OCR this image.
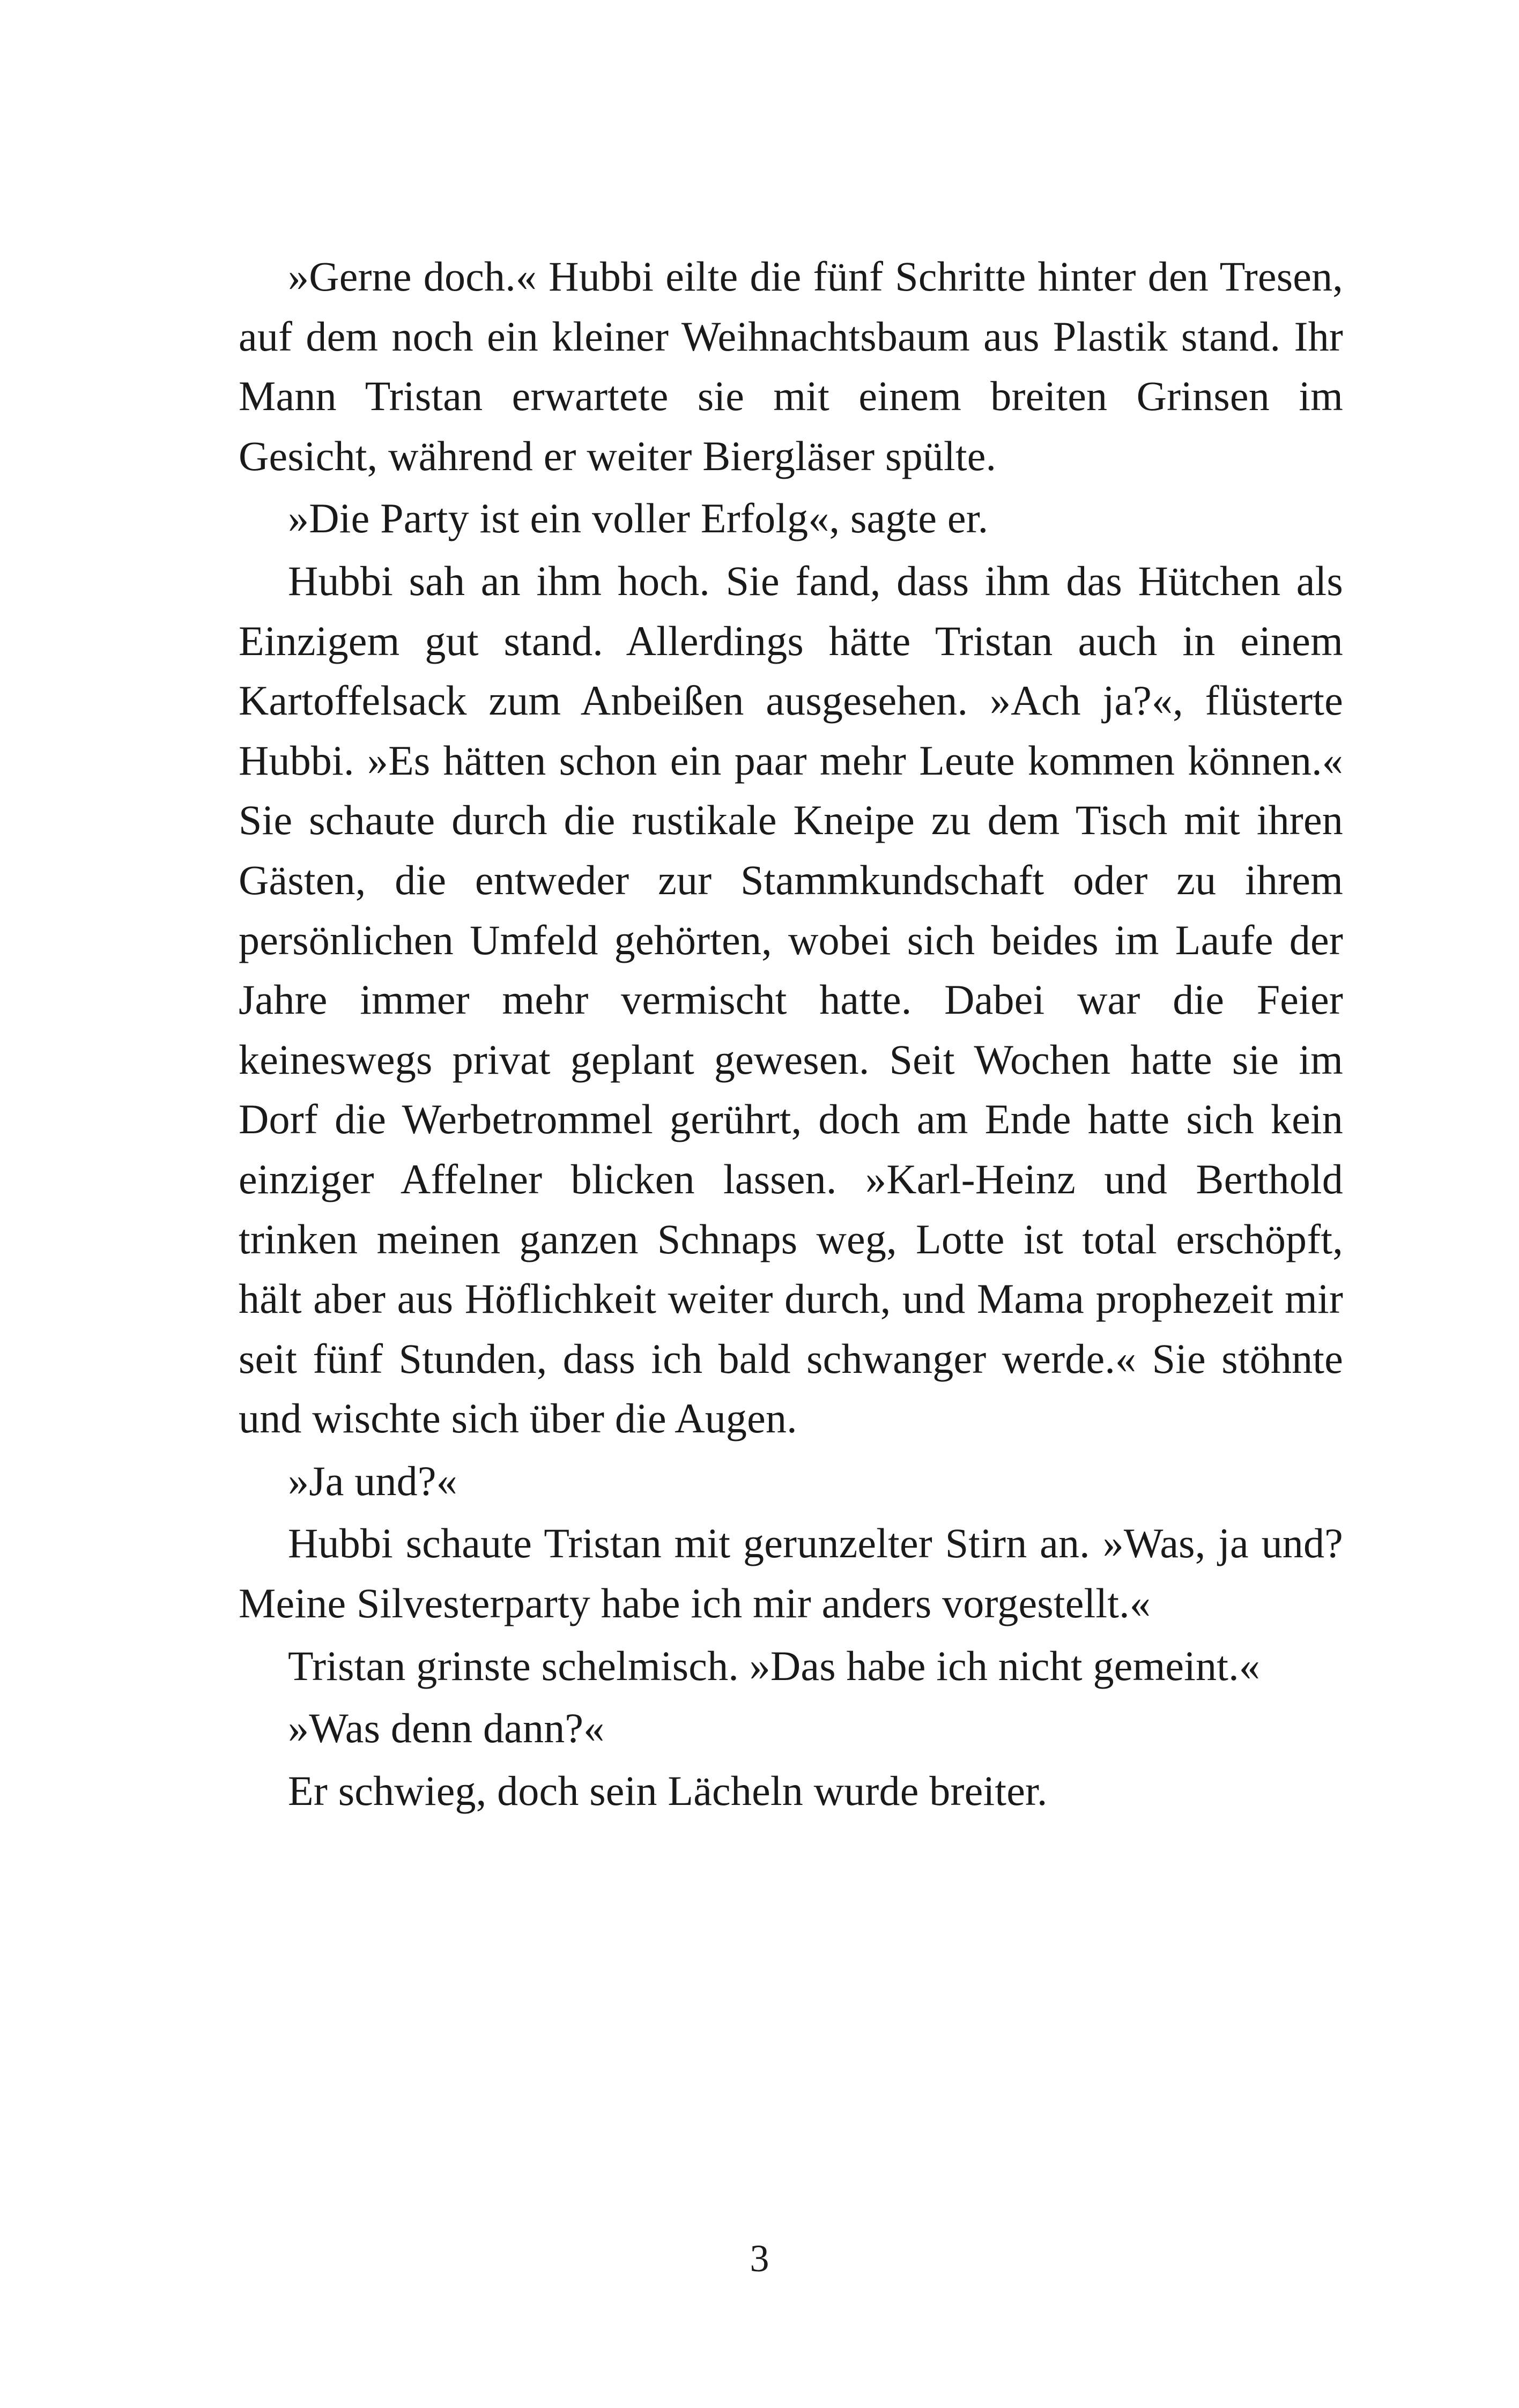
»Gerne doch.« Hubbi eilte die fünf Schritte hinter den Tresen, auf dem noch ein kleiner Weihnachtsbaum aus Plastik stand. Ihr Mann Tristan erwartete sie mit einem breiten Grinsen im Gesicht, während er weiter Biergläser spülte.

»Die Party ist ein voller Erfolg«, sagte er.

Hubbi sah an ihm hoch. Sie fand, dass ihm das Hütchen als Einzigem gut stand. Allerdings hätte Tristan auch in einem Kartoffelsack zum Anbeißen ausgesehen. »Ach ja?«, flüsterte Hubbi. »Es hätten schon ein paar mehr Leute kommen können.« Sie schaute durch die rustikale Kneipe zu dem Tisch mit ihren Gästen, die entweder zur Stammkundschaft oder zu ihrem persönlichen Umfeld gehörten, wobei sich beides im Laufe der Jahre immer mehr vermischt hatte. Dabei war die Feier keineswegs privat geplant gewesen. Seit Wochen hatte sie im Dorf die Werbetrommel gerührt, doch am Ende hatte sich kein einziger Affelner blicken lassen. »Karl-Heinz und Berthold trinken meinen ganzen Schnaps weg, Lotte ist total erschöpft, hält aber aus Höflichkeit weiter durch, und Mama prophezeit mir seit fünf Stunden, dass ich bald schwanger werde.« Sie stöhnte und wischte sich über die Augen.

»Ja und?«

Hubbi schaute Tristan mit gerunzelter Stirn an. »Was, ja und? Meine Silvesterparty habe ich mir anders vorgestellt.«

Tristan grinste schelmisch. »Das habe ich nicht gemeint.«

»Was denn dann?«

Er schwieg, doch sein Lächeln wurde breiter.

3
